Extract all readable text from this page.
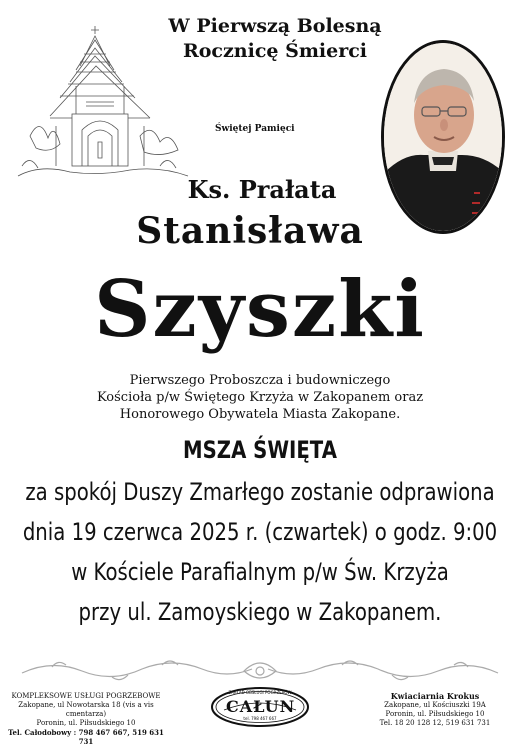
W Pierwszą Bolesną
Rocznicę Śmierci
Świętej Pamięci
Ks. Prałata
Stanisława
Szyszki
Pierwszego Proboszcza i budowniczego
Kościoła p/w Świętego Krzyża w Zakopanem oraz
Honorowego Obywatela Miasta Zakopane.
MSZA ŚWIĘTA
za spokój Duszy Zmarłego zostanie odprawiona
dnia 19 czerwca 2025 r. (czwartek) o godz. 9:00
w Kościele Parafialnym p/w Św. Krzyża
przy ul. Zamoyskiego w Zakopanem.
KOMPLEKSOWE USŁUGI POGRZEBOWE
Zakopane, ul Nowotarska 18 (vis a vis cmentarza)
Poronin, ul. Piłsudskiego 10
Tel. Całodobowy : 798 467 667, 519 631 731
ZAKŁAD OBSŁUGI POGRZEBÓW
CAŁUN
tel. 798 467 667
Kwiaciarnia Krokus
Zakopane, ul Kościuszki 19A
Poronin, ul. Piłsudskiego 10
Tel. 18 20 128 12, 519 631 731
